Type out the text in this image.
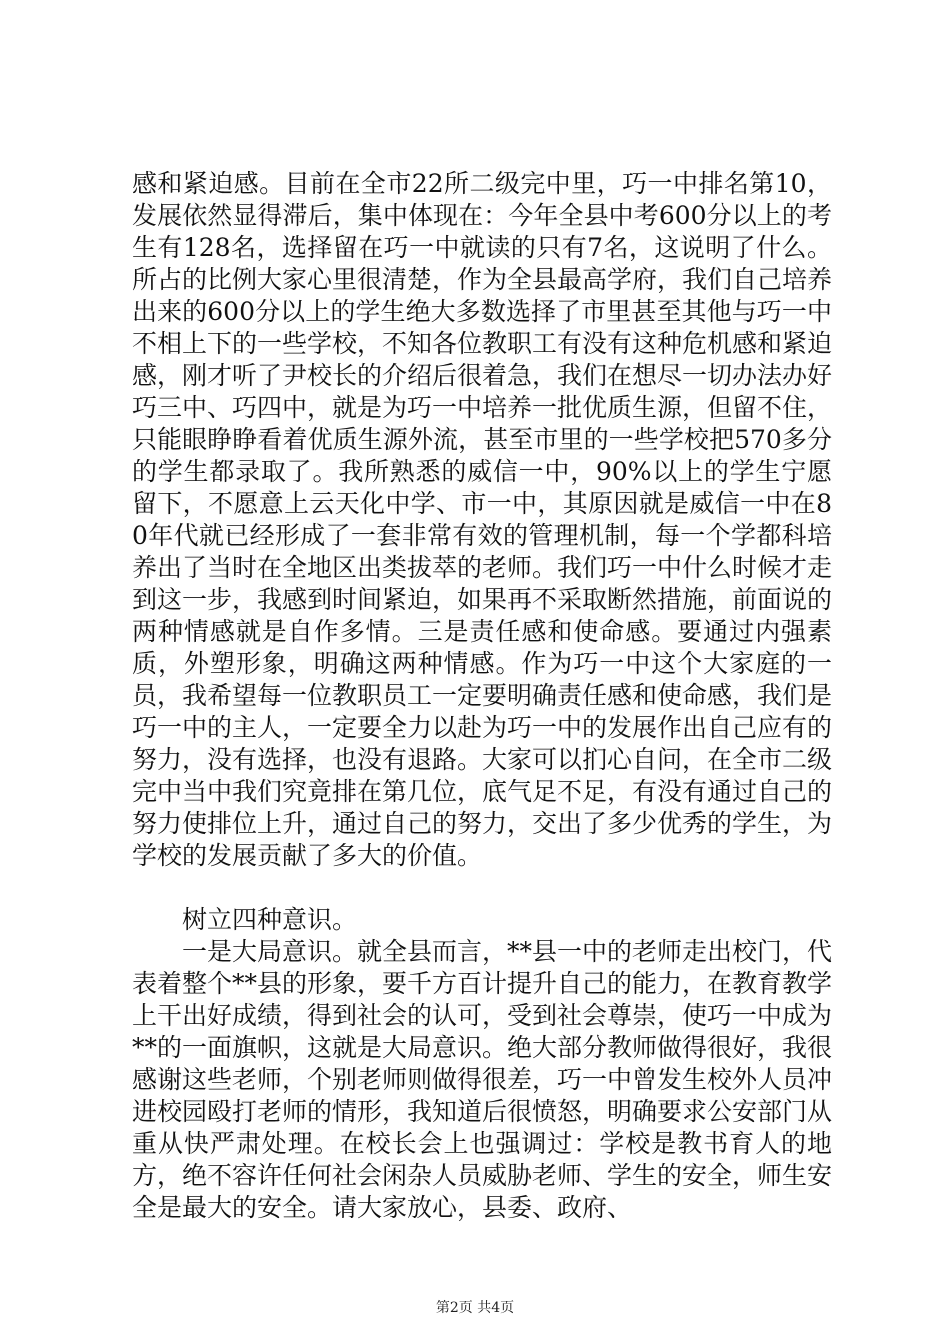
感和紧迫感。目前在全市22所二级完中里，巧一中排名第10，发展依然显得滞后，集中体现在：今年全县中考600分以上的考生有128名，选择留在巧一中就读的只有7名，这说明了什么。所占的比例大家心里很清楚，作为全县最高学府，我们自己培养出来的600分以上的学生绝大多数选择了市里甚至其他与巧一中不相上下的一些学校，不知各位教职工有没有这种危机感和紧迫感，刚才听了尹校长的介绍后很着急，我们在想尽一切办法办好巧三中、巧四中，就是为巧一中培养一批优质生源，但留不住，只能眼睁睁看着优质生源外流，甚至市里的一些学校把570多分的学生都录取了。我所熟悉的威信一中，90%以上的学生宁愿留下，不愿意上云天化中学、市一中，其原因就是威信一中在80年代就已经形成了一套非常有效的管理机制，每一个学都科培养出了当时在全地区出类拔萃的老师。我们巧一中什么时候才走到这一步，我感到时间紧迫，如果再不采取断然措施，前面说的两种情感就是自作多情。三是责任感和使命感。要通过内强素质，外塑形象，明确这两种情感。作为巧一中这个大家庭的一员，我希望每一位教职员工一定要明确责任感和使命感，我们是巧一中的主人，一定要全力以赴为巧一中的发展作出自己应有的努力，没有选择，也没有退路。大家可以扪心自问，在全市二级完中当中我们究竟排在第几位，底气足不足，有没有通过自己的努力使排位上升，通过自己的努力，交出了多少优秀的学生，为学校的发展贡献了多大的价值。

树立四种意识。

一是大局意识。就全县而言，**县一中的老师走出校门，代表着整个**县的形象，要千方百计提升自己的能力，在教育教学上干出好成绩，得到社会的认可，受到社会尊崇，使巧一中成为**的一面旗帜，这就是大局意识。绝大部分教师做得很好，我很感谢这些老师，个别老师则做得很差，巧一中曾发生校外人员冲进校园殴打老师的情形，我知道后很愤怒，明确要求公安部门从重从快严肃处理。在校长会上也强调过：学校是教书育人的地方，绝不容许任何社会闲杂人员威胁老师、学生的安全，师生安全是最大的安全。请大家放心，县委、政府、

第2页 共4页
